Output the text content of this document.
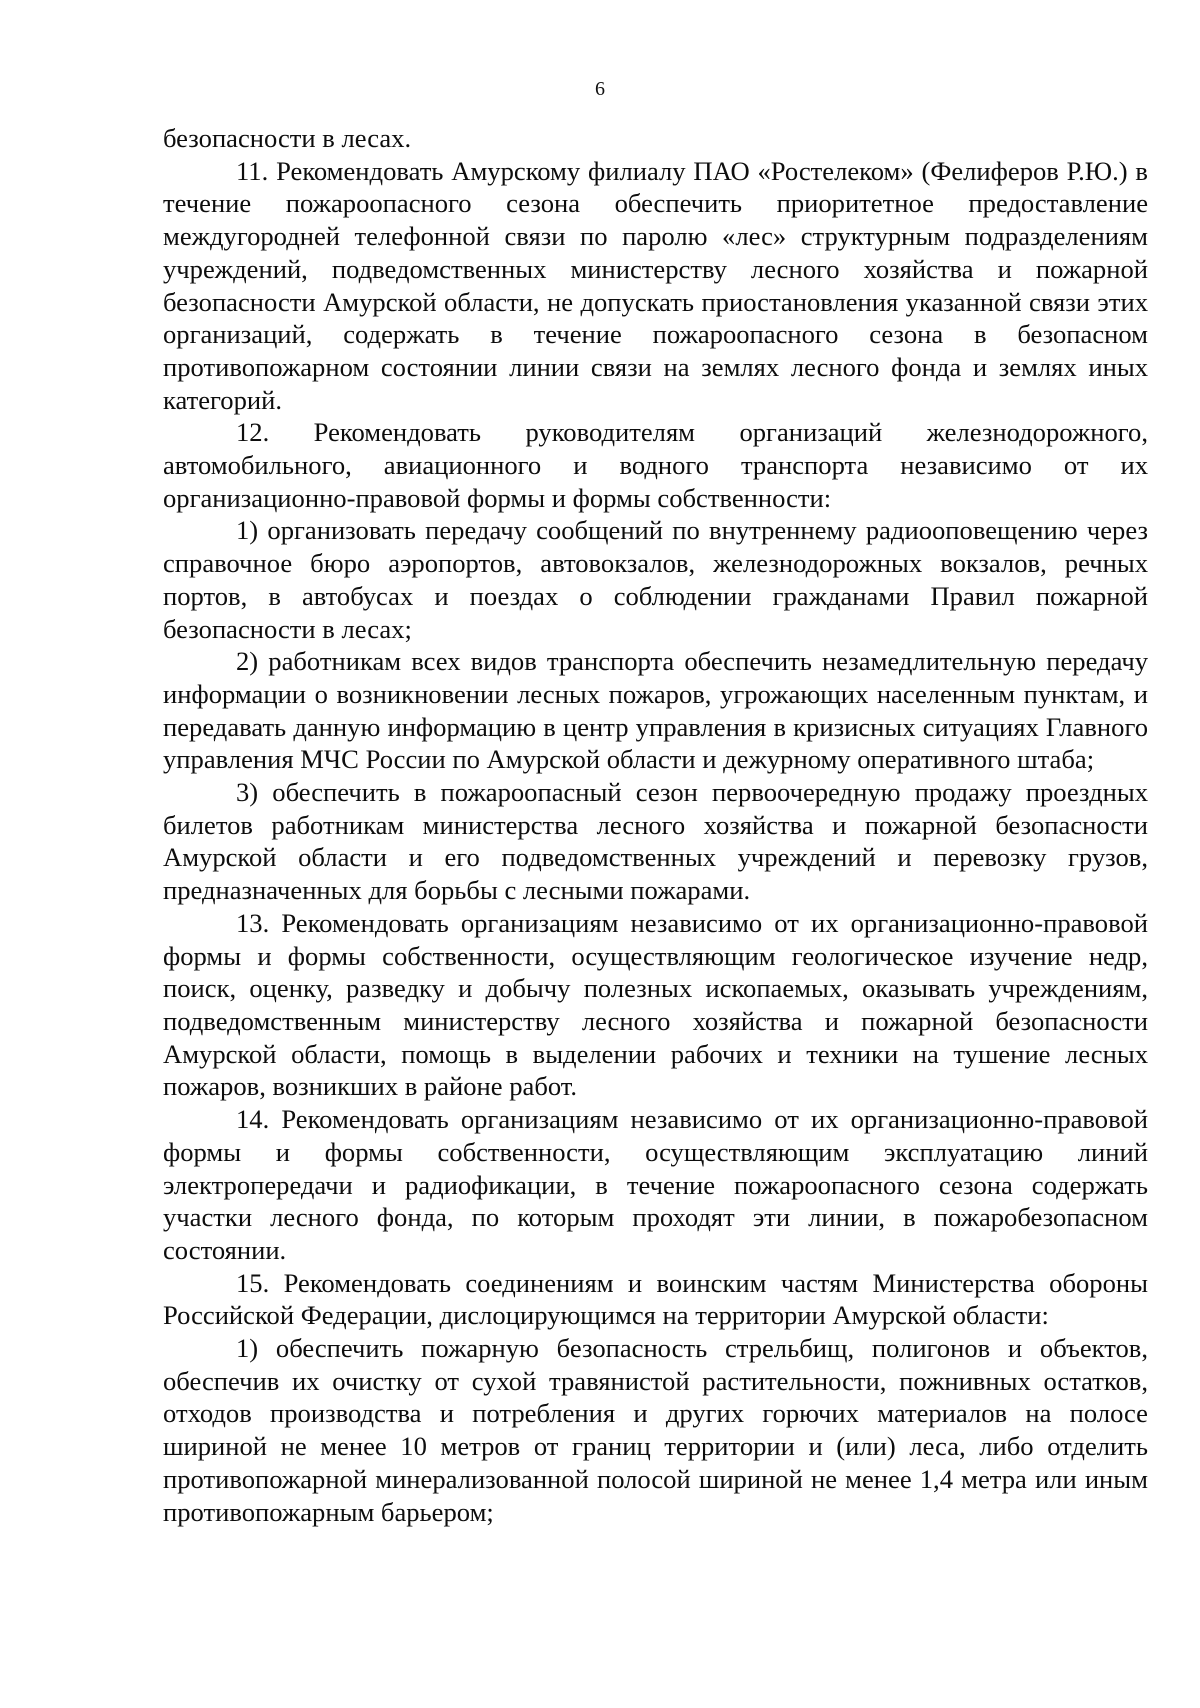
6

безопасности в лесах.

11. Рекомендовать Амурскому филиалу ПАО «Ростелеком» (Фелиферов Р.Ю.) в течение пожароопасного сезона обеспечить приоритетное предоставление междугородней телефонной связи по паролю «лес» структурным подразделениям учреждений, подведомственных министерству лесного хозяйства и пожарной безопасности Амурской области, не допускать приостановления указанной связи этих организаций, содержать в течение пожароопасного сезона в безопасном противопожарном состоянии линии связи на землях лесного фонда и землях иных категорий.

12. Рекомендовать руководителям организаций железнодорожного, автомобильного, авиационного и водного транспорта независимо от их организационно-правовой формы и формы собственности:

1) организовать передачу сообщений по внутреннему радиооповещению через справочное бюро аэропортов, автовокзалов, железнодорожных вокзалов, речных портов, в автобусах и поездах о соблюдении гражданами Правил пожарной безопасности в лесах;

2) работникам всех видов транспорта обеспечить незамедлительную передачу информации о возникновении лесных пожаров, угрожающих населенным пунктам, и передавать данную информацию в центр управления в кризисных ситуациях Главного управления МЧС России по Амурской области и дежурному оперативного штаба;

3) обеспечить в пожароопасный сезон первоочередную продажу проездных билетов работникам министерства лесного хозяйства и пожарной безопасности Амурской области и его подведомственных учреждений и перевозку грузов, предназначенных для борьбы с лесными пожарами.

13. Рекомендовать организациям независимо от их организационно-правовой формы и формы собственности, осуществляющим геологическое изучение недр, поиск, оценку, разведку и добычу полезных ископаемых, оказывать учреждениям, подведомственным министерству лесного хозяйства и пожарной безопасности Амурской области, помощь в выделении рабочих и техники на тушение лесных пожаров, возникших в районе работ.

14. Рекомендовать организациям независимо от их организационно-правовой формы и формы собственности, осуществляющим эксплуатацию линий электропередачи и радиофикации, в течение пожароопасного сезона содержать участки лесного фонда, по которым проходят эти линии, в пожаробезопасном состоянии.

15. Рекомендовать соединениям и воинским частям Министерства обороны Российской Федерации, дислоцирующимся на территории Амурской области:

1) обеспечить пожарную безопасность стрельбищ, полигонов и объектов, обеспечив их очистку от сухой травянистой растительности, пожнивных остатков, отходов производства и потребления и других горючих материалов на полосе шириной не менее 10 метров от границ территории и (или) леса, либо отделить противопожарной минерализованной полосой шириной не менее 1,4 метра или иным противопожарным барьером;
